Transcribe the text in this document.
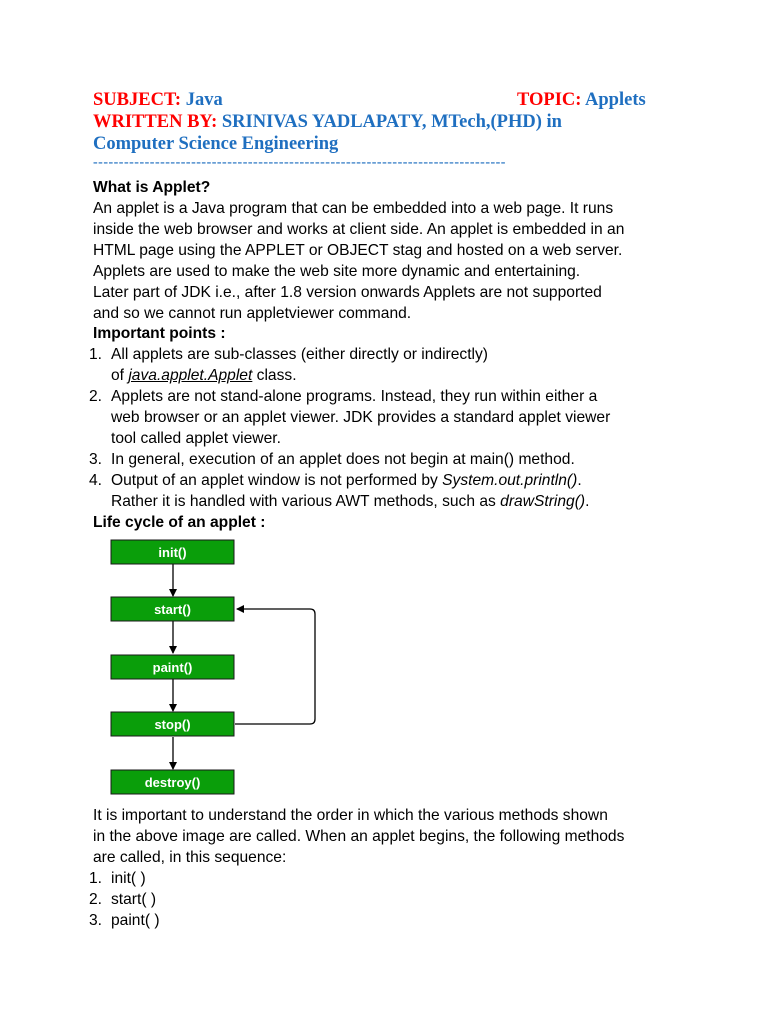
SUBJECT: Java	TOPIC: Applets
WRITTEN BY: SRINIVAS YADLAPATY, MTech,(PHD) in
Computer Science Engineering
--------------------------------------------------------------------------------
What is Applet?
An applet is a Java program that can be embedded into a web page. It runs
inside the web browser and works at client side. An applet is embedded in an
HTML page using the APPLET or OBJECT stag and hosted on a web server.
Applets are used to make the web site more dynamic and entertaining.
Later part of JDK i.e., after 1.8 version onwards Applets are not supported
and so we cannot run appletviewer command.
Important points :
1. All applets are sub-classes (either directly or indirectly)
of java.applet.Applet class.
2. Applets are not stand-alone programs. Instead, they run within either a
web browser or an applet viewer. JDK provides a standard applet viewer
tool called applet viewer.
3. In general, execution of an applet does not begin at main() method.
4. Output of an applet window is not performed by System.out.println().
Rather it is handled with various AWT methods, such as drawString().
Life cycle of an applet :
init()
start()
paint()
stop()
destroy()
It is important to understand the order in which the various methods shown
in the above image are called. When an applet begins, the following methods
are called, in this sequence:
1. init( )
2. start( )
3. paint( )
